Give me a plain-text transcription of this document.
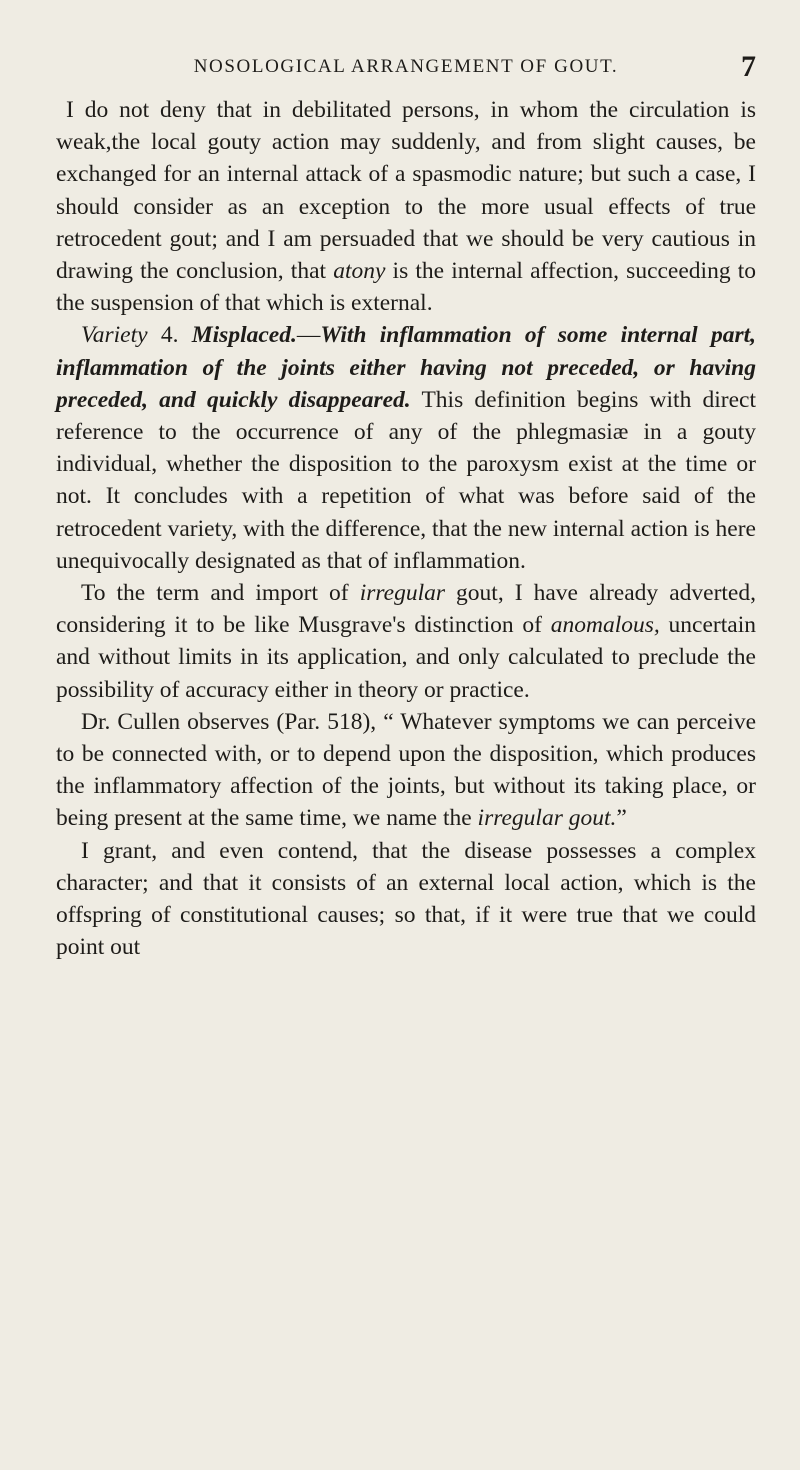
NOSOLOGICAL ARRANGEMENT OF GOUT.	7

I do not deny that in debilitated persons, in whom the circulation is weak,the local gouty action may suddenly, and from slight causes, be exchanged for an internal attack of a spasmodic nature; but such a case, I should consider as an exception to the more usual effects of true retrocedent gout; and I am persuaded that we should be very cautious in drawing the conclusion, that atony is the internal affection, succeeding to the suspension of that which is external.

Variety 4. Misplaced.—With inflammation of some internal part, inflammation of the joints either having not preceded, or having preceded, and quickly disappeared. This definition begins with direct reference to the occurrence of any of the phlegmasiæ in a gouty individual, whether the disposition to the paroxysm exist at the time or not. It concludes with a repetition of what was before said of the retrocedent variety, with the difference, that the new internal action is here unequivocally designated as that of inflammation.

To the term and import of irregular gout, I have already adverted, considering it to be like Musgrave's distinction of anomalous, uncertain and without limits in its application, and only calculated to preclude the possibility of accuracy either in theory or practice.

Dr. Cullen observes (Par. 518), “ Whatever symptoms we can perceive to be connected with, or to depend upon the disposition, which produces the inflammatory affection of the joints, but without its taking place, or being present at the same time, we name the irregular gout.”

I grant, and even contend, that the disease possesses a complex character; and that it consists of an external local action, which is the offspring of constitutional causes; so that, if it were true that we could point out
